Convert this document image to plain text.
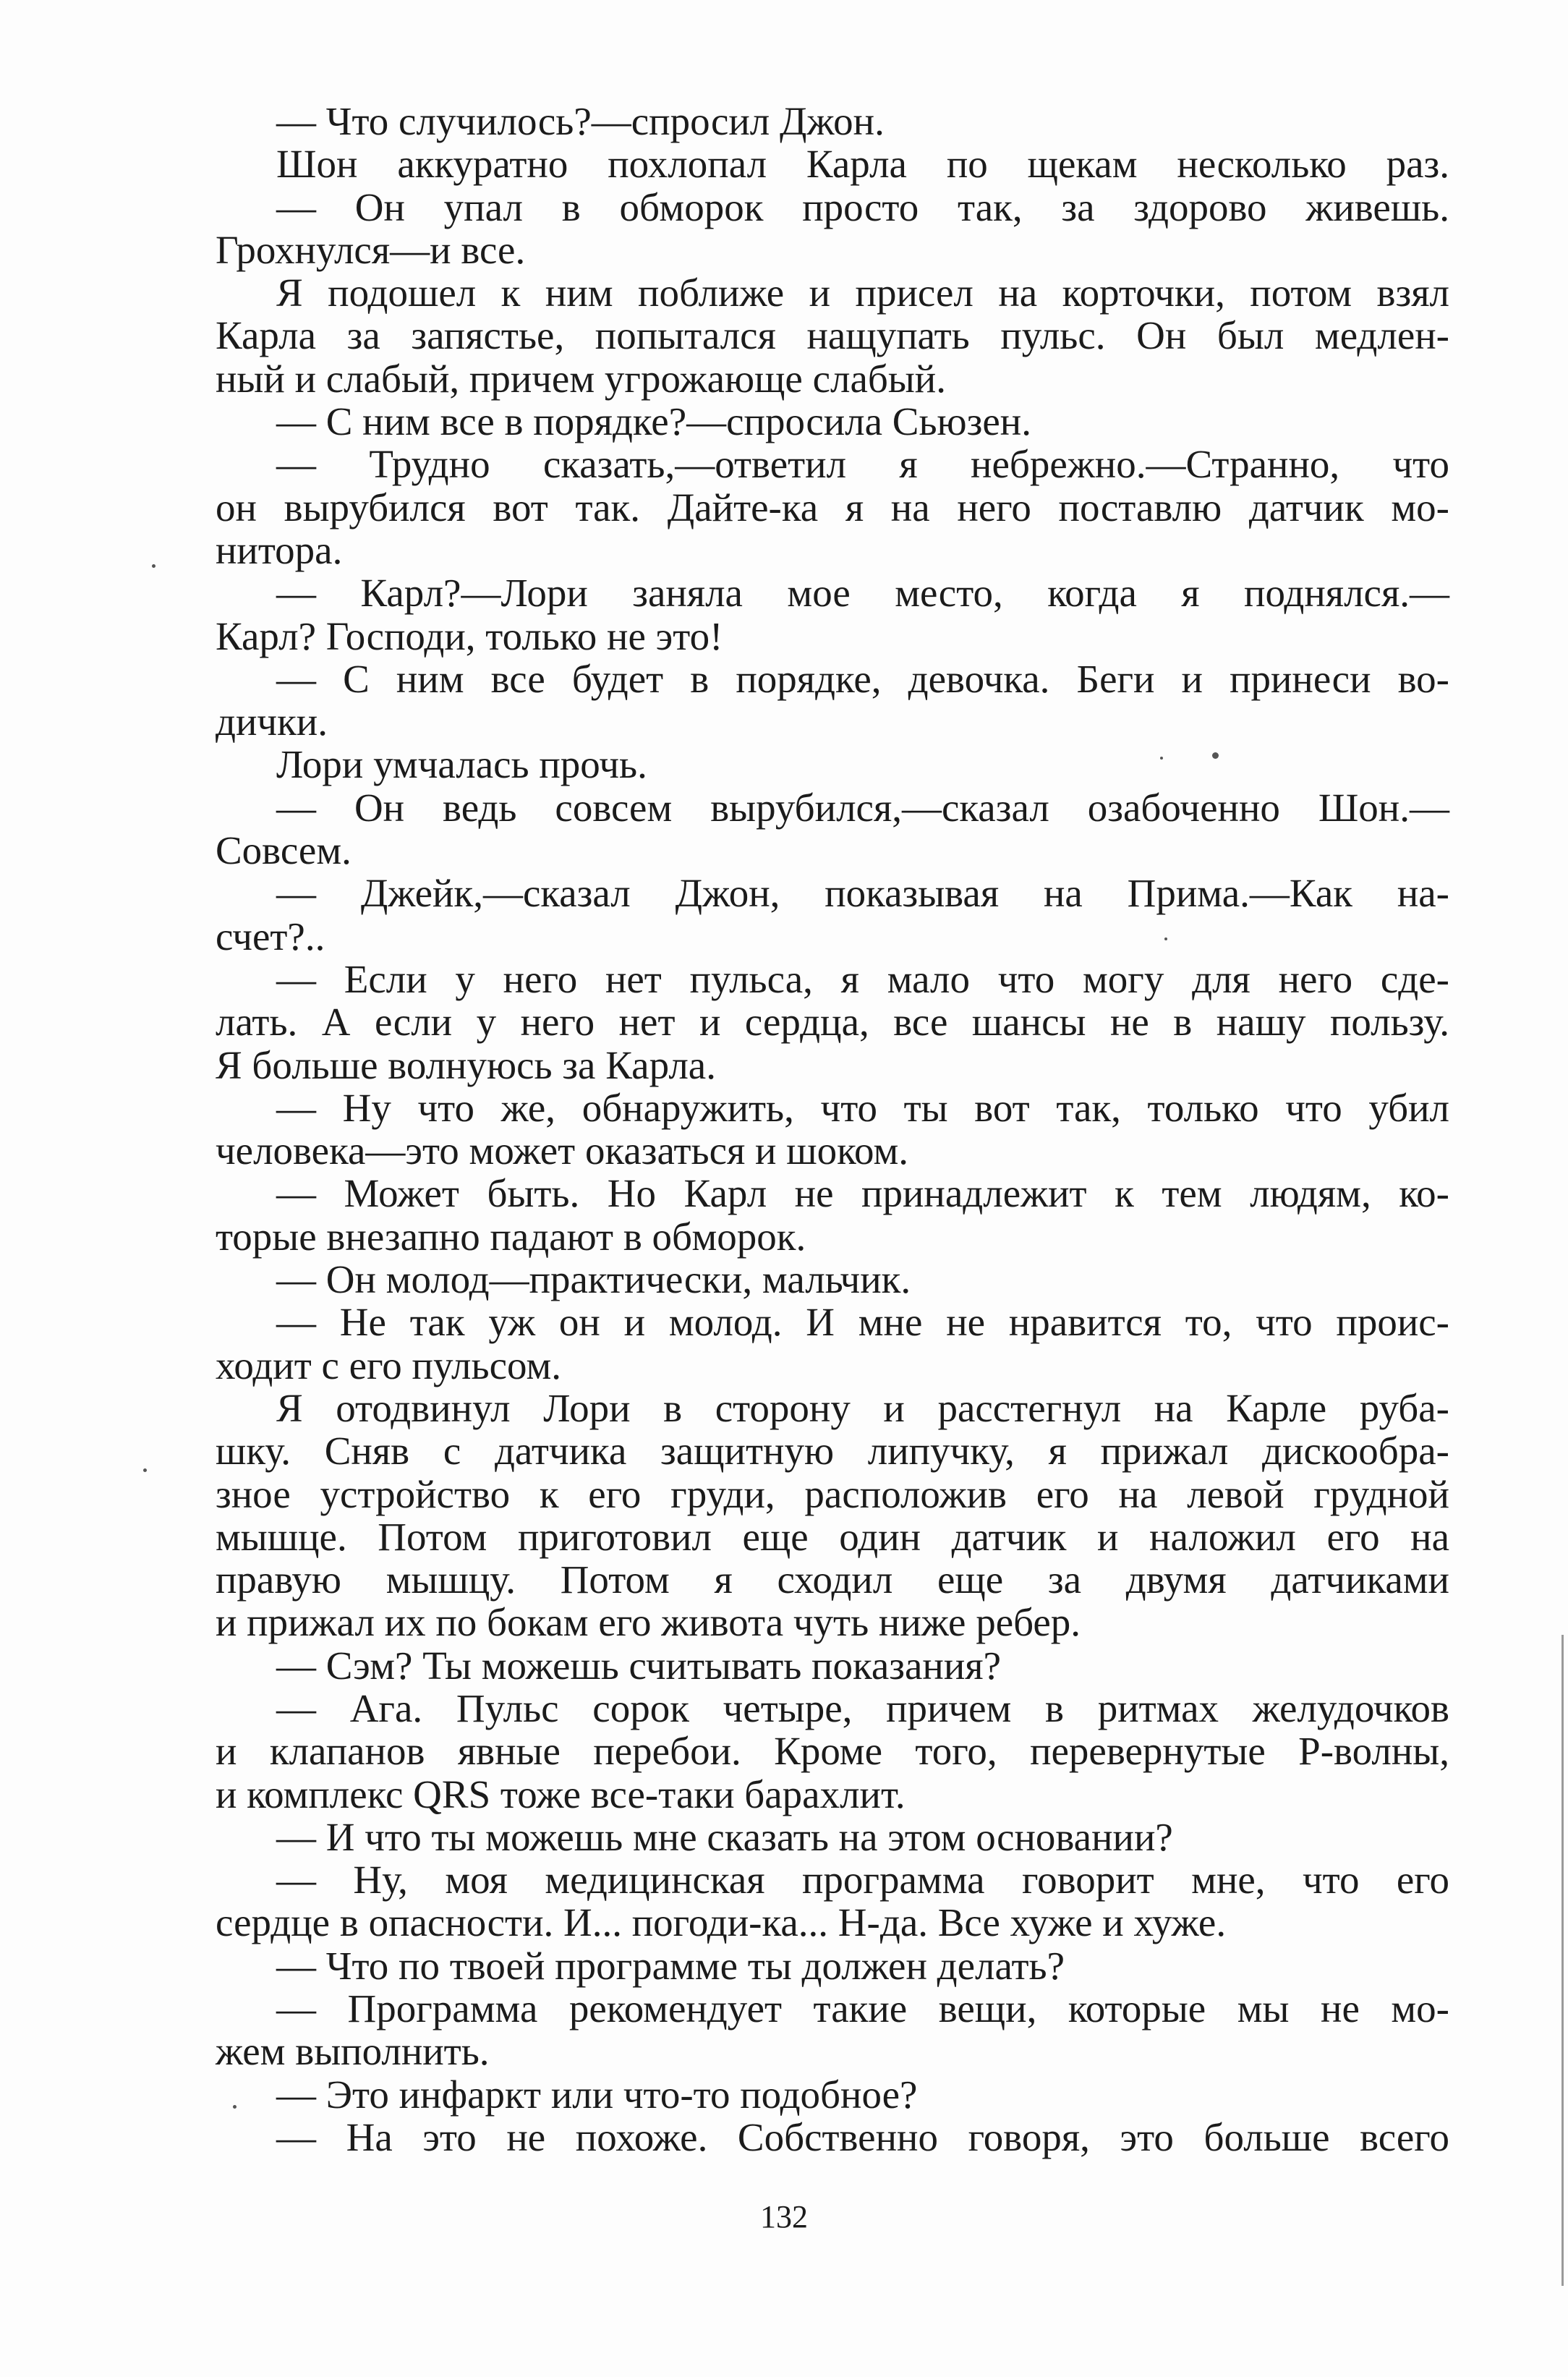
— Что случилось?—спросил Джон.
Шон аккуратно похлопал Карла по щекам несколько раз.
— Он упал в обморок просто так, за здорово живешь.
Грохнулся—и все.
Я подошел к ним поближе и присел на корточки, потом взял
Карла за запястье, попытался нащупать пульс. Он был медлен-
ный и слабый, причем угрожающе слабый.
— С ним все в порядке?—спросила Сьюзен.
— Трудно сказать,—ответил я небрежно.—Странно, что
он вырубился вот так. Дайте-ка я на него поставлю датчик мо-
нитора.
— Карл?—Лори заняла мое место, когда я поднялся.—
Карл? Господи, только не это!
— С ним все будет в порядке, девочка. Беги и принеси во-
дички.
Лори умчалась прочь.
— Он ведь совсем вырубился,—сказал озабоченно Шон.—
Совсем.
— Джейк,—сказал Джон, показывая на Прима.—Как на-
счет?..
— Если у него нет пульса, я мало что могу для него сде-
лать. А если у него нет и сердца, все шансы не в нашу пользу.
Я больше волнуюсь за Карла.
— Ну что же, обнаружить, что ты вот так, только что убил
человека—это может оказаться и шоком.
— Может быть. Но Карл не принадлежит к тем людям, ко-
торые внезапно падают в обморок.
— Он молод—практически, мальчик.
— Не так уж он и молод. И мне не нравится то, что проис-
ходит с его пульсом.
Я отодвинул Лори в сторону и расстегнул на Карле руба-
шку. Сняв с датчика защитную липучку, я прижал дискообра-
зное устройство к его груди, расположив его на левой грудной
мышце. Потом приготовил еще один датчик и наложил его на
правую мышцу. Потом я сходил еще за двумя датчиками
и прижал их по бокам его живота чуть ниже ребер.
— Сэм? Ты можешь считывать показания?
— Ага. Пульс сорок четыре, причем в ритмах желудочков
и клапанов явные перебои. Кроме того, перевернутые Р-волны,
и комплекс QRS тоже все-таки барахлит.
— И что ты можешь мне сказать на этом основании?
— Ну, моя медицинская программа говорит мне, что его
сердце в опасности. И... погоди-ка... Н-да. Все хуже и хуже.
— Что по твоей программе ты должен делать?
— Программа рекомендует такие вещи, которые мы не мо-
жем выполнить.
— Это инфаркт или что-то подобное?
— На это не похоже. Собственно говоря, это больше всего
132
